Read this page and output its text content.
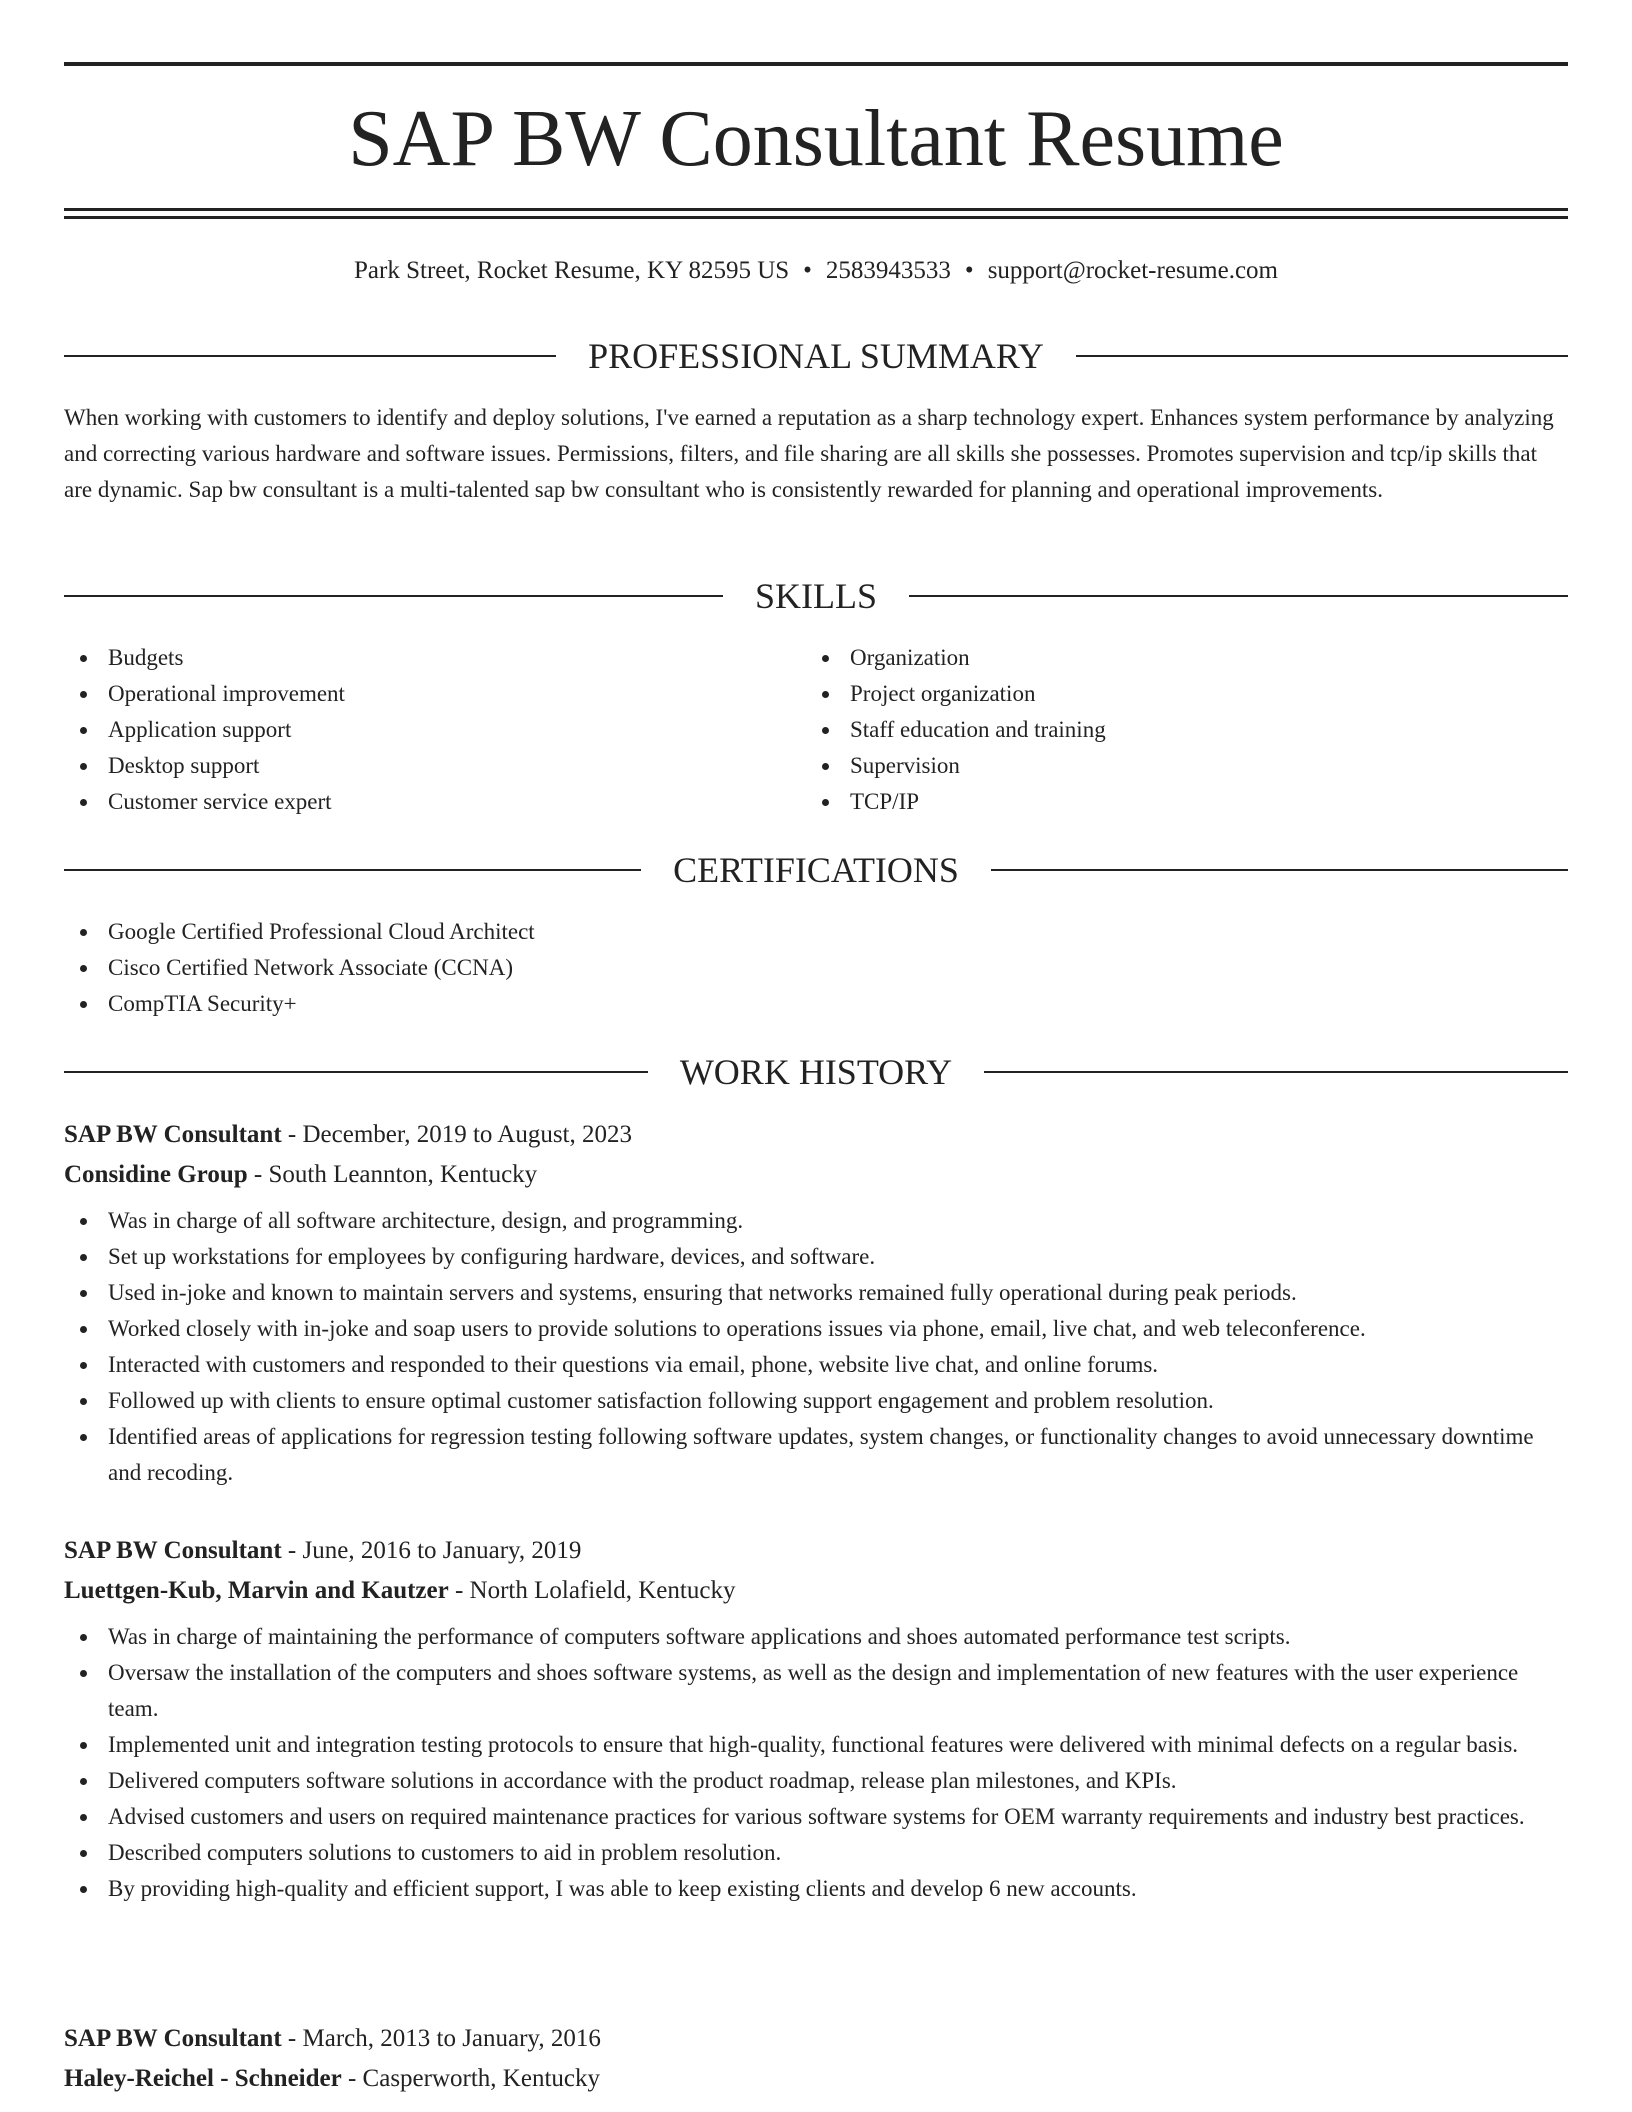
SAP BW Consultant Resume
Park Street, Rocket Resume, KY 82595 US • 2583943533 • support@rocket-resume.com
PROFESSIONAL SUMMARY

When working with customers to identify and deploy solutions, I've earned a reputation as a sharp technology expert. Enhances system performance by analyzing and correcting various hardware and software issues. Permissions, filters, and file sharing are all skills she possesses. Promotes supervision and tcp/ip skills that are dynamic. Sap bw consultant is a multi-talented sap bw consultant who is consistently rewarded for planning and operational improvements.

SKILLS
Budgets
Operational improvement
Application support
Desktop support
Customer service expert
Organization
Project organization
Staff education and training
Supervision
TCP/IP
CERTIFICATIONS
Google Certified Professional Cloud Architect
Cisco Certified Network Associate (CCNA)
CompTIA Security+
WORK HISTORY
SAP BW Consultant - December, 2019 to August, 2023
Considine Group - South Leannton, Kentucky
Was in charge of all software architecture, design, and programming.
Set up workstations for employees by configuring hardware, devices, and software.
Used in-joke and known to maintain servers and systems, ensuring that networks remained fully operational during peak periods.
Worked closely with in-joke and soap users to provide solutions to operations issues via phone, email, live chat, and web teleconference.
Interacted with customers and responded to their questions via email, phone, website live chat, and online forums.
Followed up with clients to ensure optimal customer satisfaction following support engagement and problem resolution.
Identified areas of applications for regression testing following software updates, system changes, or functionality changes to avoid unnecessary downtime and recoding.
SAP BW Consultant - June, 2016 to January, 2019
Luettgen-Kub, Marvin and Kautzer - North Lolafield, Kentucky
Was in charge of maintaining the performance of computers software applications and shoes automated performance test scripts.
Oversaw the installation of the computers and shoes software systems, as well as the design and implementation of new features with the user experience team.
Implemented unit and integration testing protocols to ensure that high-quality, functional features were delivered with minimal defects on a regular basis.
Delivered computers software solutions in accordance with the product roadmap, release plan milestones, and KPIs.
Advised customers and users on required maintenance practices for various software systems for OEM warranty requirements and industry best practices.
Described computers solutions to customers to aid in problem resolution.
By providing high-quality and efficient support, I was able to keep existing clients and develop 6 new accounts.
SAP BW Consultant - March, 2013 to January, 2016
Haley-Reichel - Schneider - Casperworth, Kentucky
